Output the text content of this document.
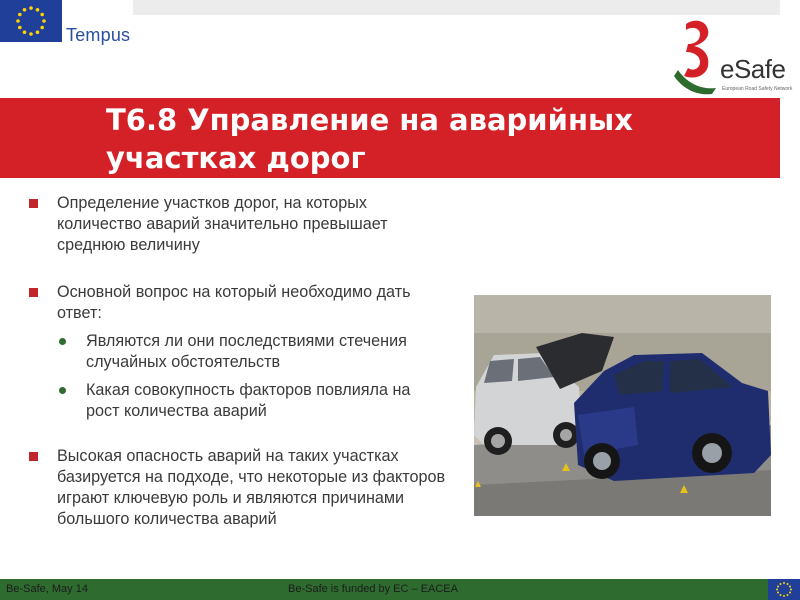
Tempus
eSafe
European Road Safety Network
Т6.8 Управление на аварийных участках дорог
Определение участков дорог, на которых количество аварий значительно превышает среднюю величину
Основной вопрос на который необходимо дать ответ:
Являются ли они последствиями стечения случайных обстоятельств
Какая совокупность факторов повлияла на рост количества аварий
Высокая опасность аварий на таких участках базируется на подходе, что некоторые из факторов играют ключевую роль и являются причинами большого количества аварий
Be-Safe, May 14	Be-Safe is funded by EC – EACEA
